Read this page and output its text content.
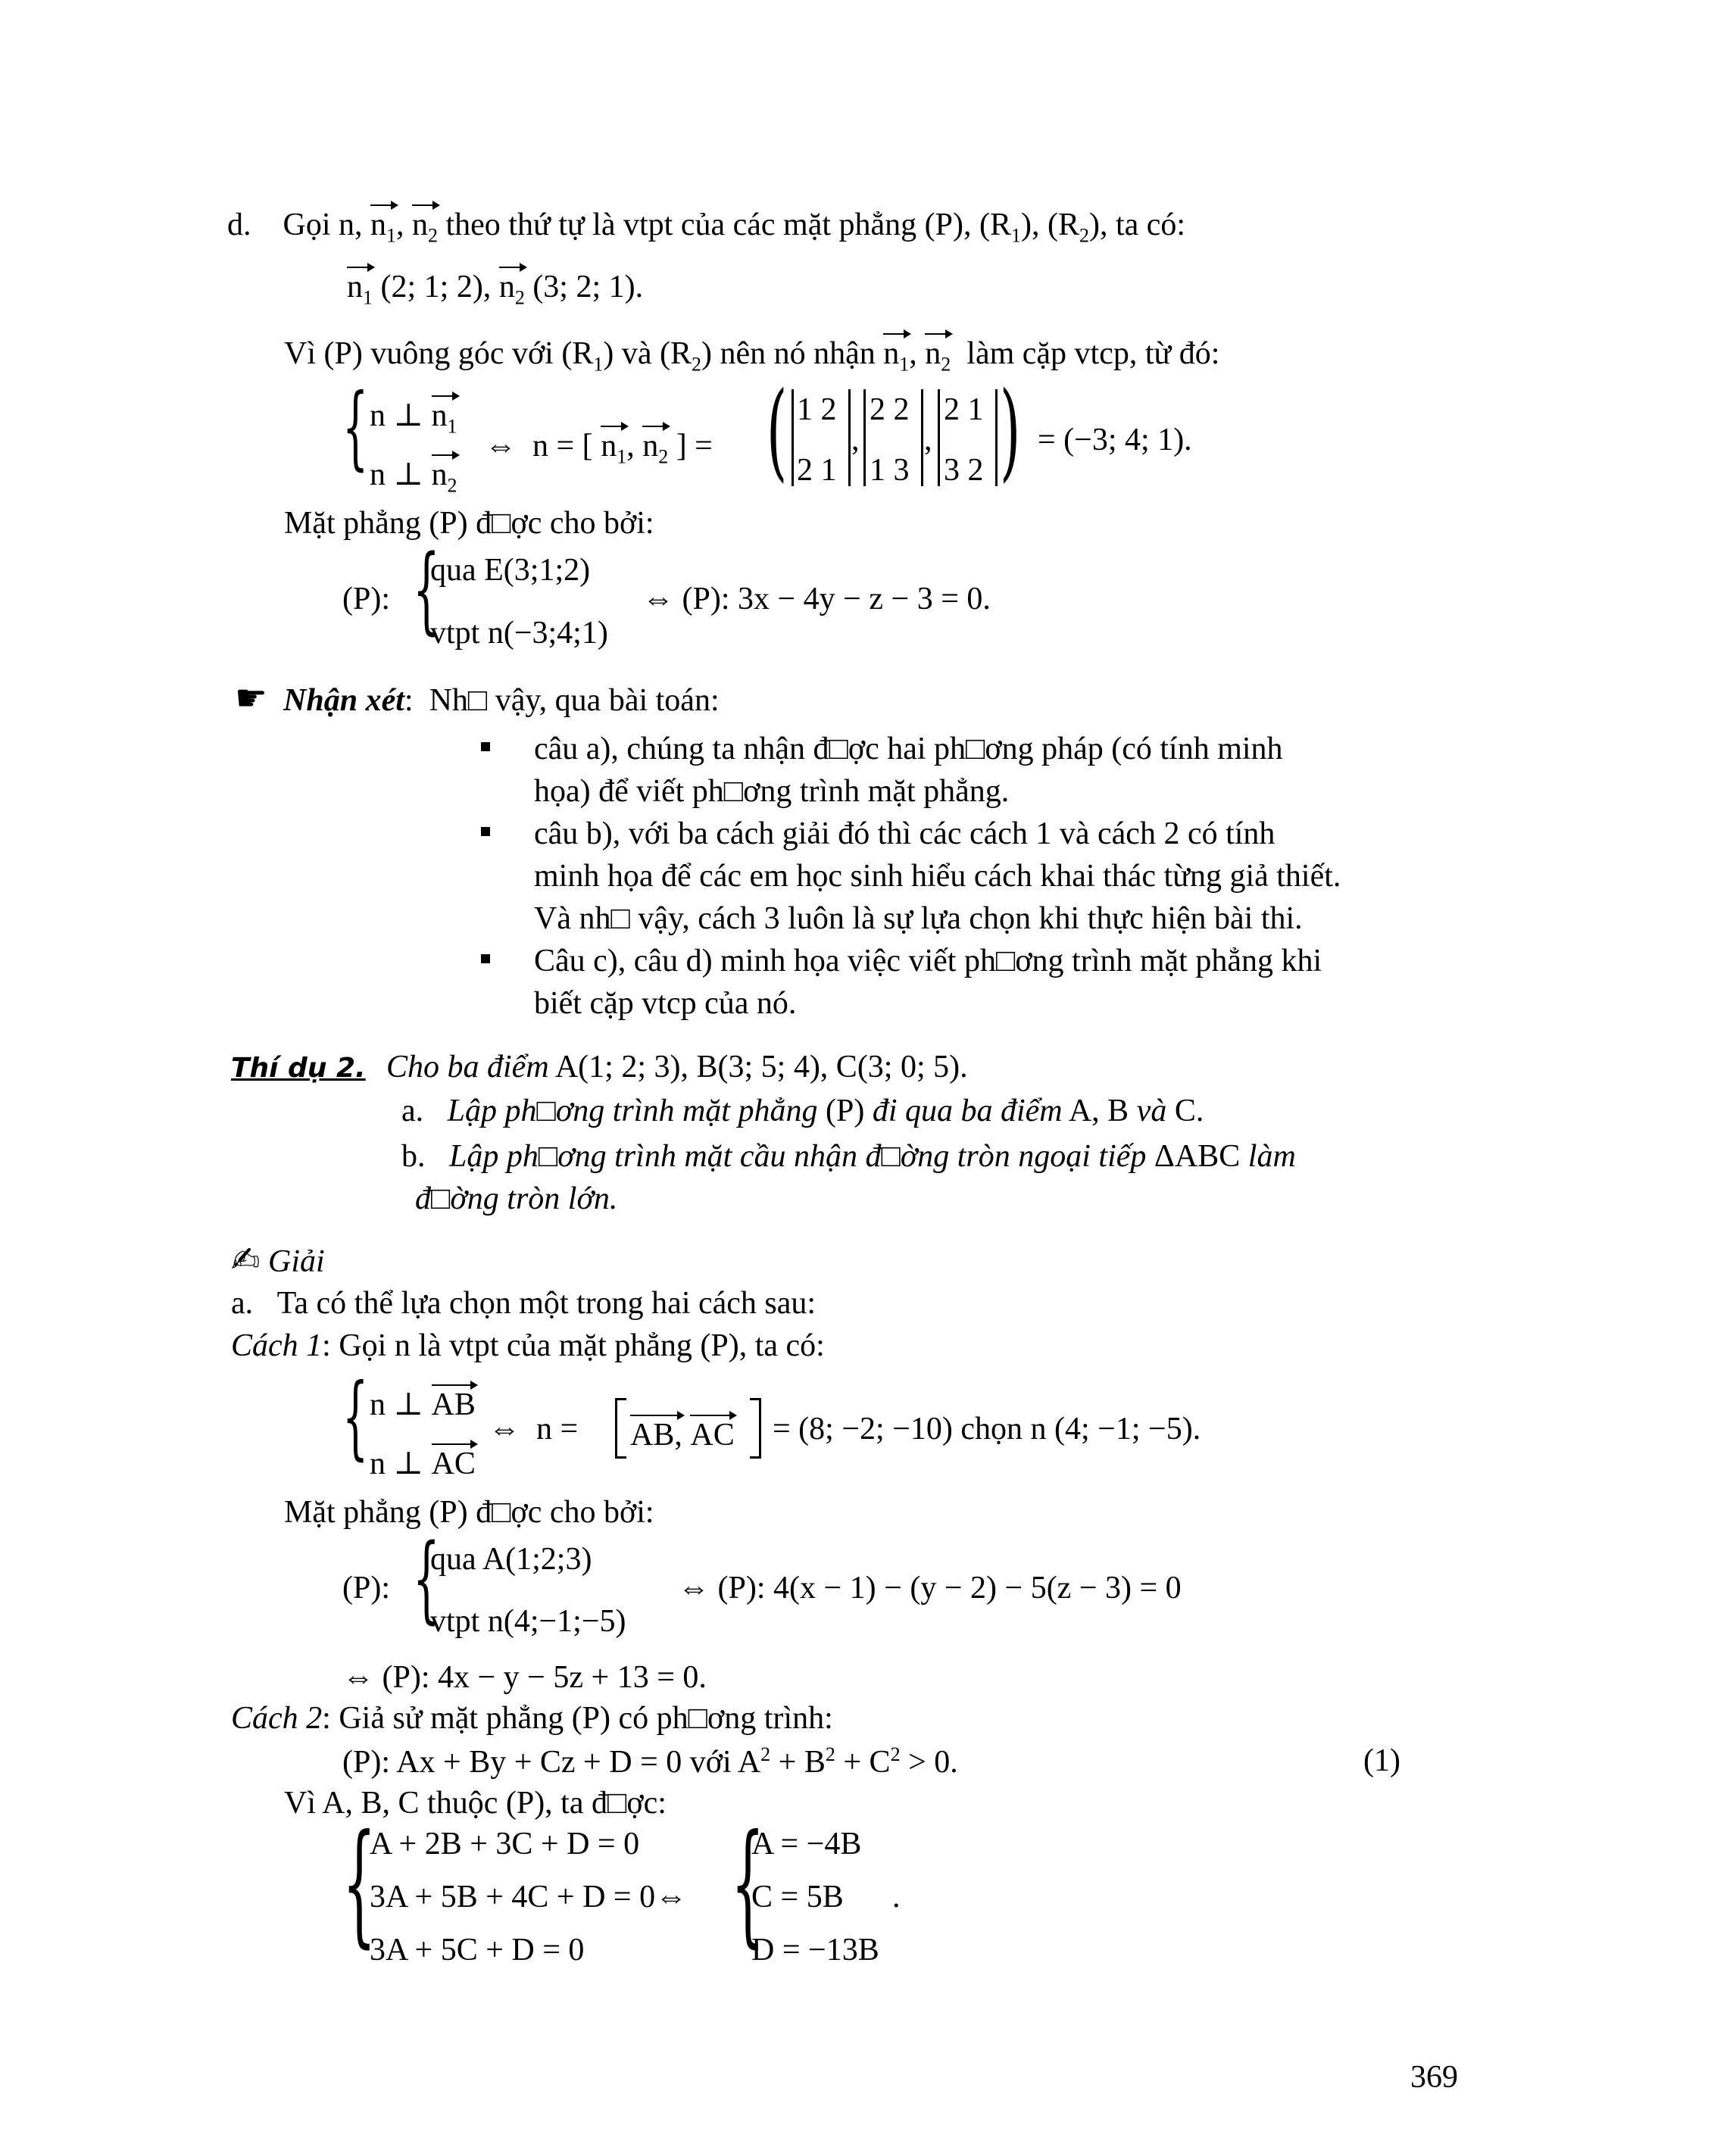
d. Gọi n, $n_1$, $n_2$ theo thứ tự là vtpt của các mặt phẳng (P), $(R_1)$, $(R_2)$, ta có:
$n_1$ (2; 1; 2), $n_2$ (3; 2; 1).
Vì (P) vuông góc với $(R_1)$ và $(R_2)$ nên nó nhận $n_1$, $n_2$ làm cặp vtcp, từ đó:
{ n ⊥ $n_1$
n ⊥ $n_2$
⇔ n = [ $n_1$, $n_2$ ] = ( )
1 2
2 1
,
2 2
1 3
,
2 1
3 2
= (−3; 4; 1).
Mặt phẳng (P) đ□ợc cho bởi:
(P): {
qua E(3;1;2)
vtpt n(−3;4;1)
⇔ (P): 3x − 4y − z − 3 = 0.
☛ Nhận xét: Nh□ vậy, qua bài toán:
câu a), chúng ta nhận đ□ợc hai ph□ơng pháp (có tính minh
họa) để viết ph□ơng trình mặt phẳng.
câu b), với ba cách giải đó thì các cách 1 và cách 2 có tính
minh họa để các em học sinh hiểu cách khai thác từng giả thiết.
Và nh□ vậy, cách 3 luôn là sự lựa chọn khi thực hiện bài thi.
Câu c), câu d) minh họa việc viết ph□ơng trình mặt phẳng khi
biết cặp vtcp của nó.
Thí dụ 2. Cho ba điểm A(1; 2; 3), B(3; 5; 4), C(3; 0; 5).
a. Lập ph□ơng trình mặt phẳng (P) đi qua ba điểm A, B và C.
b. Lập ph□ơng trình mặt cầu nhận đ□ờng tròn ngoại tiếp ΔABC làm
đ□ờng tròn lớn.
✍ Giải
a. Ta có thể lựa chọn một trong hai cách sau:
Cách 1: Gọi n là vtpt của mặt phẳng (P), ta có:
{ n ⊥ AB
n ⊥ AC
⇔ n = AB, AC = (8; −2; −10) chọn n (4; −1; −5).
Mặt phẳng (P) đ□ợc cho bởi:
(P): {
qua A(1;2;3)
vtpt n(4;−1;−5)
⇔ (P): 4(x − 1) − (y − 2) − 5(z − 3) = 0
⇔ (P): 4x − y − 5z + 13 = 0.
Cách 2: Giả sử mặt phẳng (P) có ph□ơng trình:
(P): Ax + By + Cz + D = 0 với $A^2 + B^2 + C^2 > 0$.	(1)
Vì A, B, C thuộc (P), ta đ□ợc:
{
A + 2B + 3C + D = 0
3A + 5B + 4C + D = 0⇔
3A + 5C + D = 0 {
A = −4B
C = 5B
D = −13B
.
369
